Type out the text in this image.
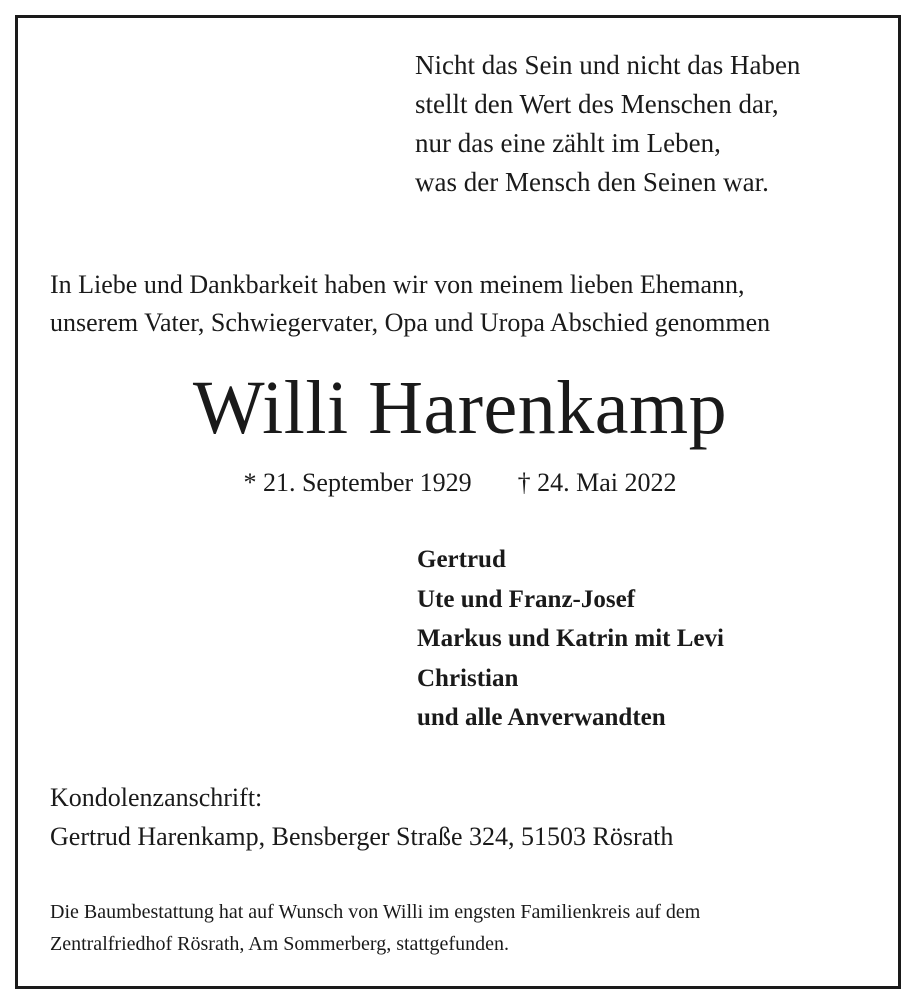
Nicht das Sein und nicht das Haben
stellt den Wert des Menschen dar,
nur das eine zählt im Leben,
was der Mensch den Seinen war.
In Liebe und Dankbarkeit haben wir von meinem lieben Ehemann,
unserem Vater, Schwiegervater, Opa und Uropa Abschied genommen
Willi Harenkamp
* 21. September 1929 † 24. Mai 2022
Gertrud
Ute und Franz-Josef
Markus und Katrin mit Levi
Christian
und alle Anverwandten
Kondolenzanschrift:
Gertrud Harenkamp, Bensberger Straße 324, 51503 Rösrath
Die Baumbestattung hat auf Wunsch von Willi im engsten Familienkreis auf dem
Zentralfriedhof Rösrath, Am Sommerberg, stattgefunden.
